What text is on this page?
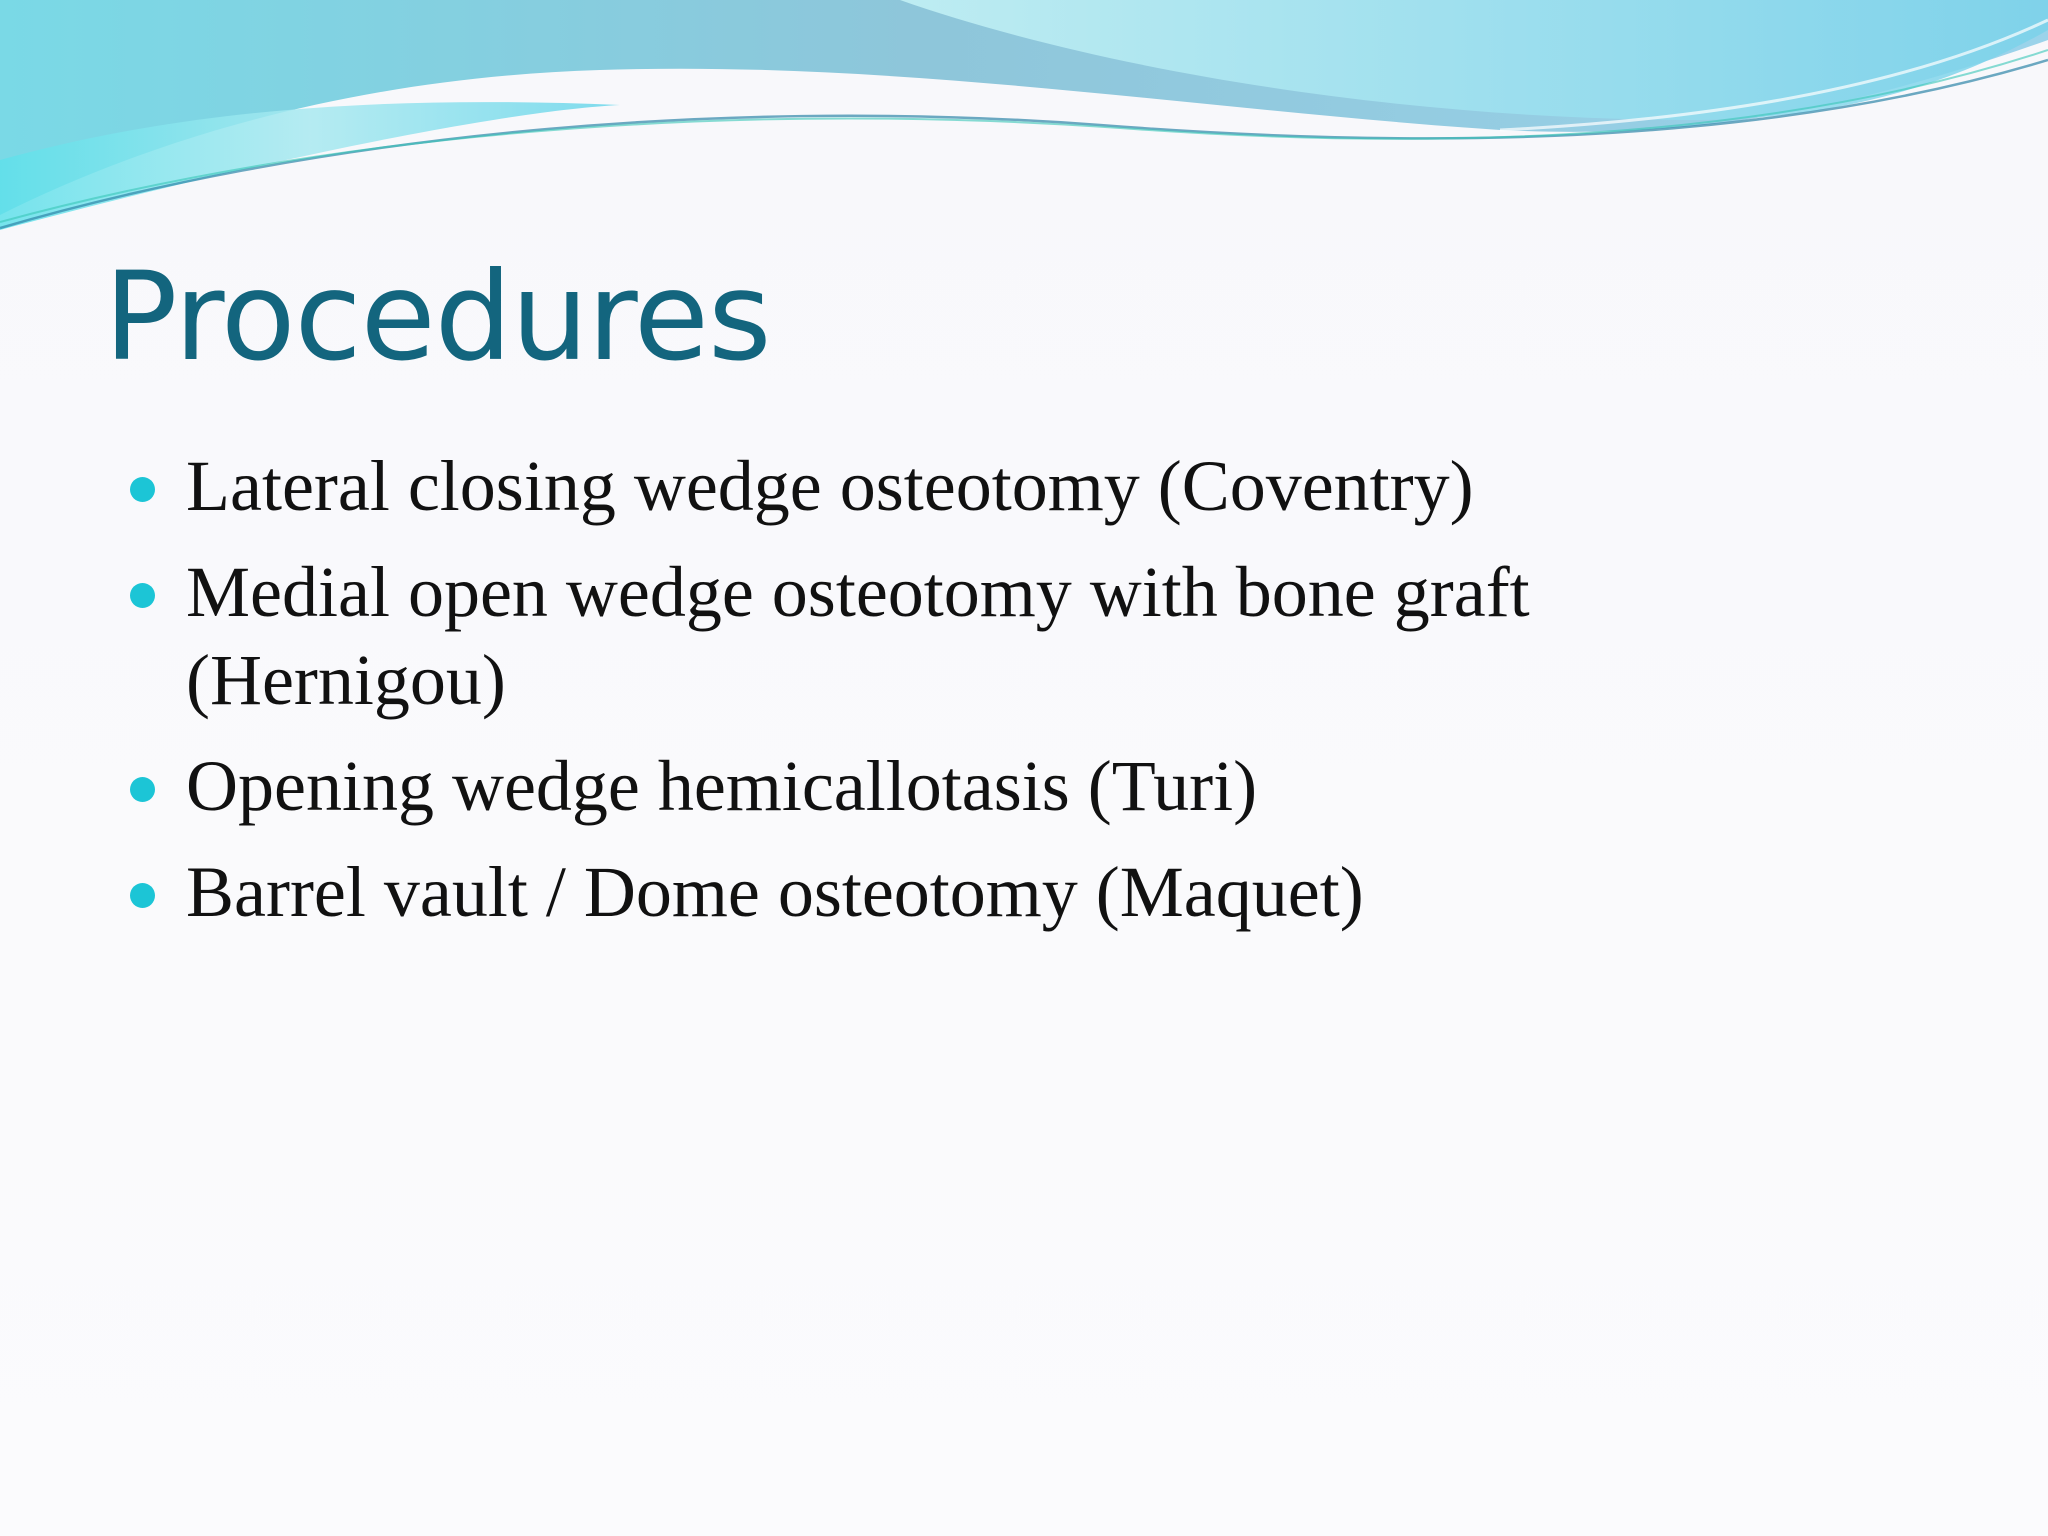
Procedures
Lateral closing wedge osteotomy (Coventry)
Medial open wedge osteotomy with bone graft (Hernigou)
Opening wedge hemicallotasis (Turi)
Barrel vault / Dome osteotomy (Maquet)
